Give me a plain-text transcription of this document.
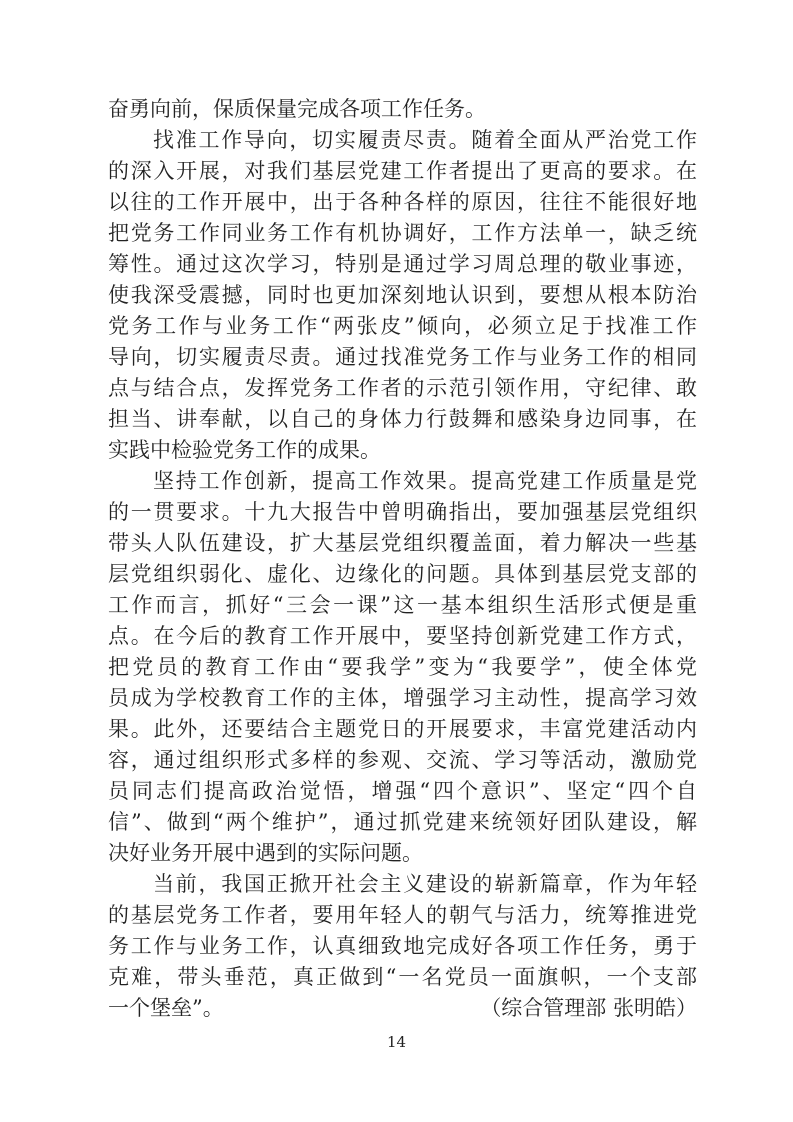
奋勇向前，保质保量完成各项工作任务。
找准工作导向，切实履责尽责。随着全面从严治党工作
的深入开展，对我们基层党建工作者提出了更高的要求。在
以往的工作开展中，出于各种各样的原因，往往不能很好地
把党务工作同业务工作有机协调好，工作方法单一，缺乏统
筹性。通过这次学习，特别是通过学习周总理的敬业事迹，
使我深受震撼，同时也更加深刻地认识到，要想从根本防治
党务工作与业务工作“两张皮”倾向，必须立足于找准工作
导向，切实履责尽责。通过找准党务工作与业务工作的相同
点与结合点，发挥党务工作者的示范引领作用，守纪律、敢
担当、讲奉献，以自己的身体力行鼓舞和感染身边同事，在
实践中检验党务工作的成果。
坚持工作创新，提高工作效果。提高党建工作质量是党
的一贯要求。十九大报告中曾明确指出，要加强基层党组织
带头人队伍建设，扩大基层党组织覆盖面，着力解决一些基
层党组织弱化、虚化、边缘化的问题。具体到基层党支部的
工作而言，抓好“三会一课”这一基本组织生活形式便是重
点。在今后的教育工作开展中，要坚持创新党建工作方式，
把党员的教育工作由“要我学”变为“我要学”，使全体党
员成为学校教育工作的主体，增强学习主动性，提高学习效
果。此外，还要结合主题党日的开展要求，丰富党建活动内
容，通过组织形式多样的参观、交流、学习等活动，激励党
员同志们提高政治觉悟，增强“四个意识”、坚定“四个自
信”、做到“两个维护”，通过抓党建来统领好团队建设，解
决好业务开展中遇到的实际问题。
当前，我国正掀开社会主义建设的崭新篇章，作为年轻
的基层党务工作者，要用年轻人的朝气与活力，统筹推进党
务工作与业务工作，认真细致地完成好各项工作任务，勇于
克难，带头垂范，真正做到“一名党员一面旗帜，一个支部
一个堡垒”。	（综合管理部 张明皓）
14
